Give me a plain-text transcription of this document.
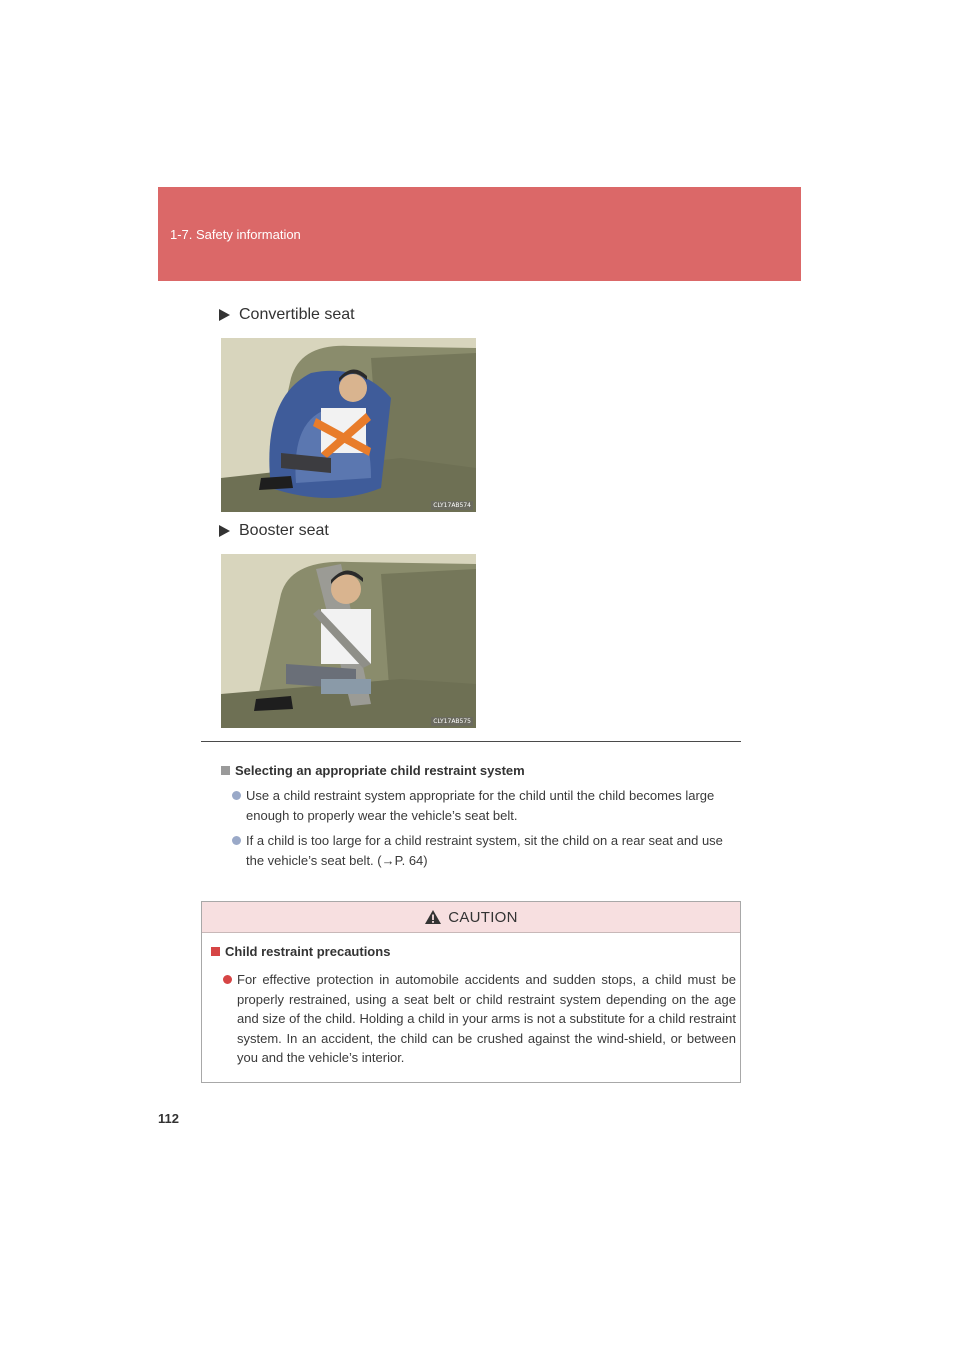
1-7. Safety information
Convertible seat
CLY17AB574
Booster seat
CLY17AB575
Selecting an appropriate child restraint system
Use a child restraint system appropriate for the child until the child becomes large enough to properly wear the vehicle’s seat belt.
If a child is too large for a child restraint system, sit the child on a rear seat and use the vehicle’s seat belt. (→P. 64)
CAUTION
Child restraint precautions
For effective protection in automobile accidents and sudden stops, a child must be properly restrained, using a seat belt or child restraint system depending on the age and size of the child. Holding a child in your arms is not a substitute for a child restraint system. In an accident, the child can be crushed against the wind-shield, or between you and the vehicle’s interior.
112
